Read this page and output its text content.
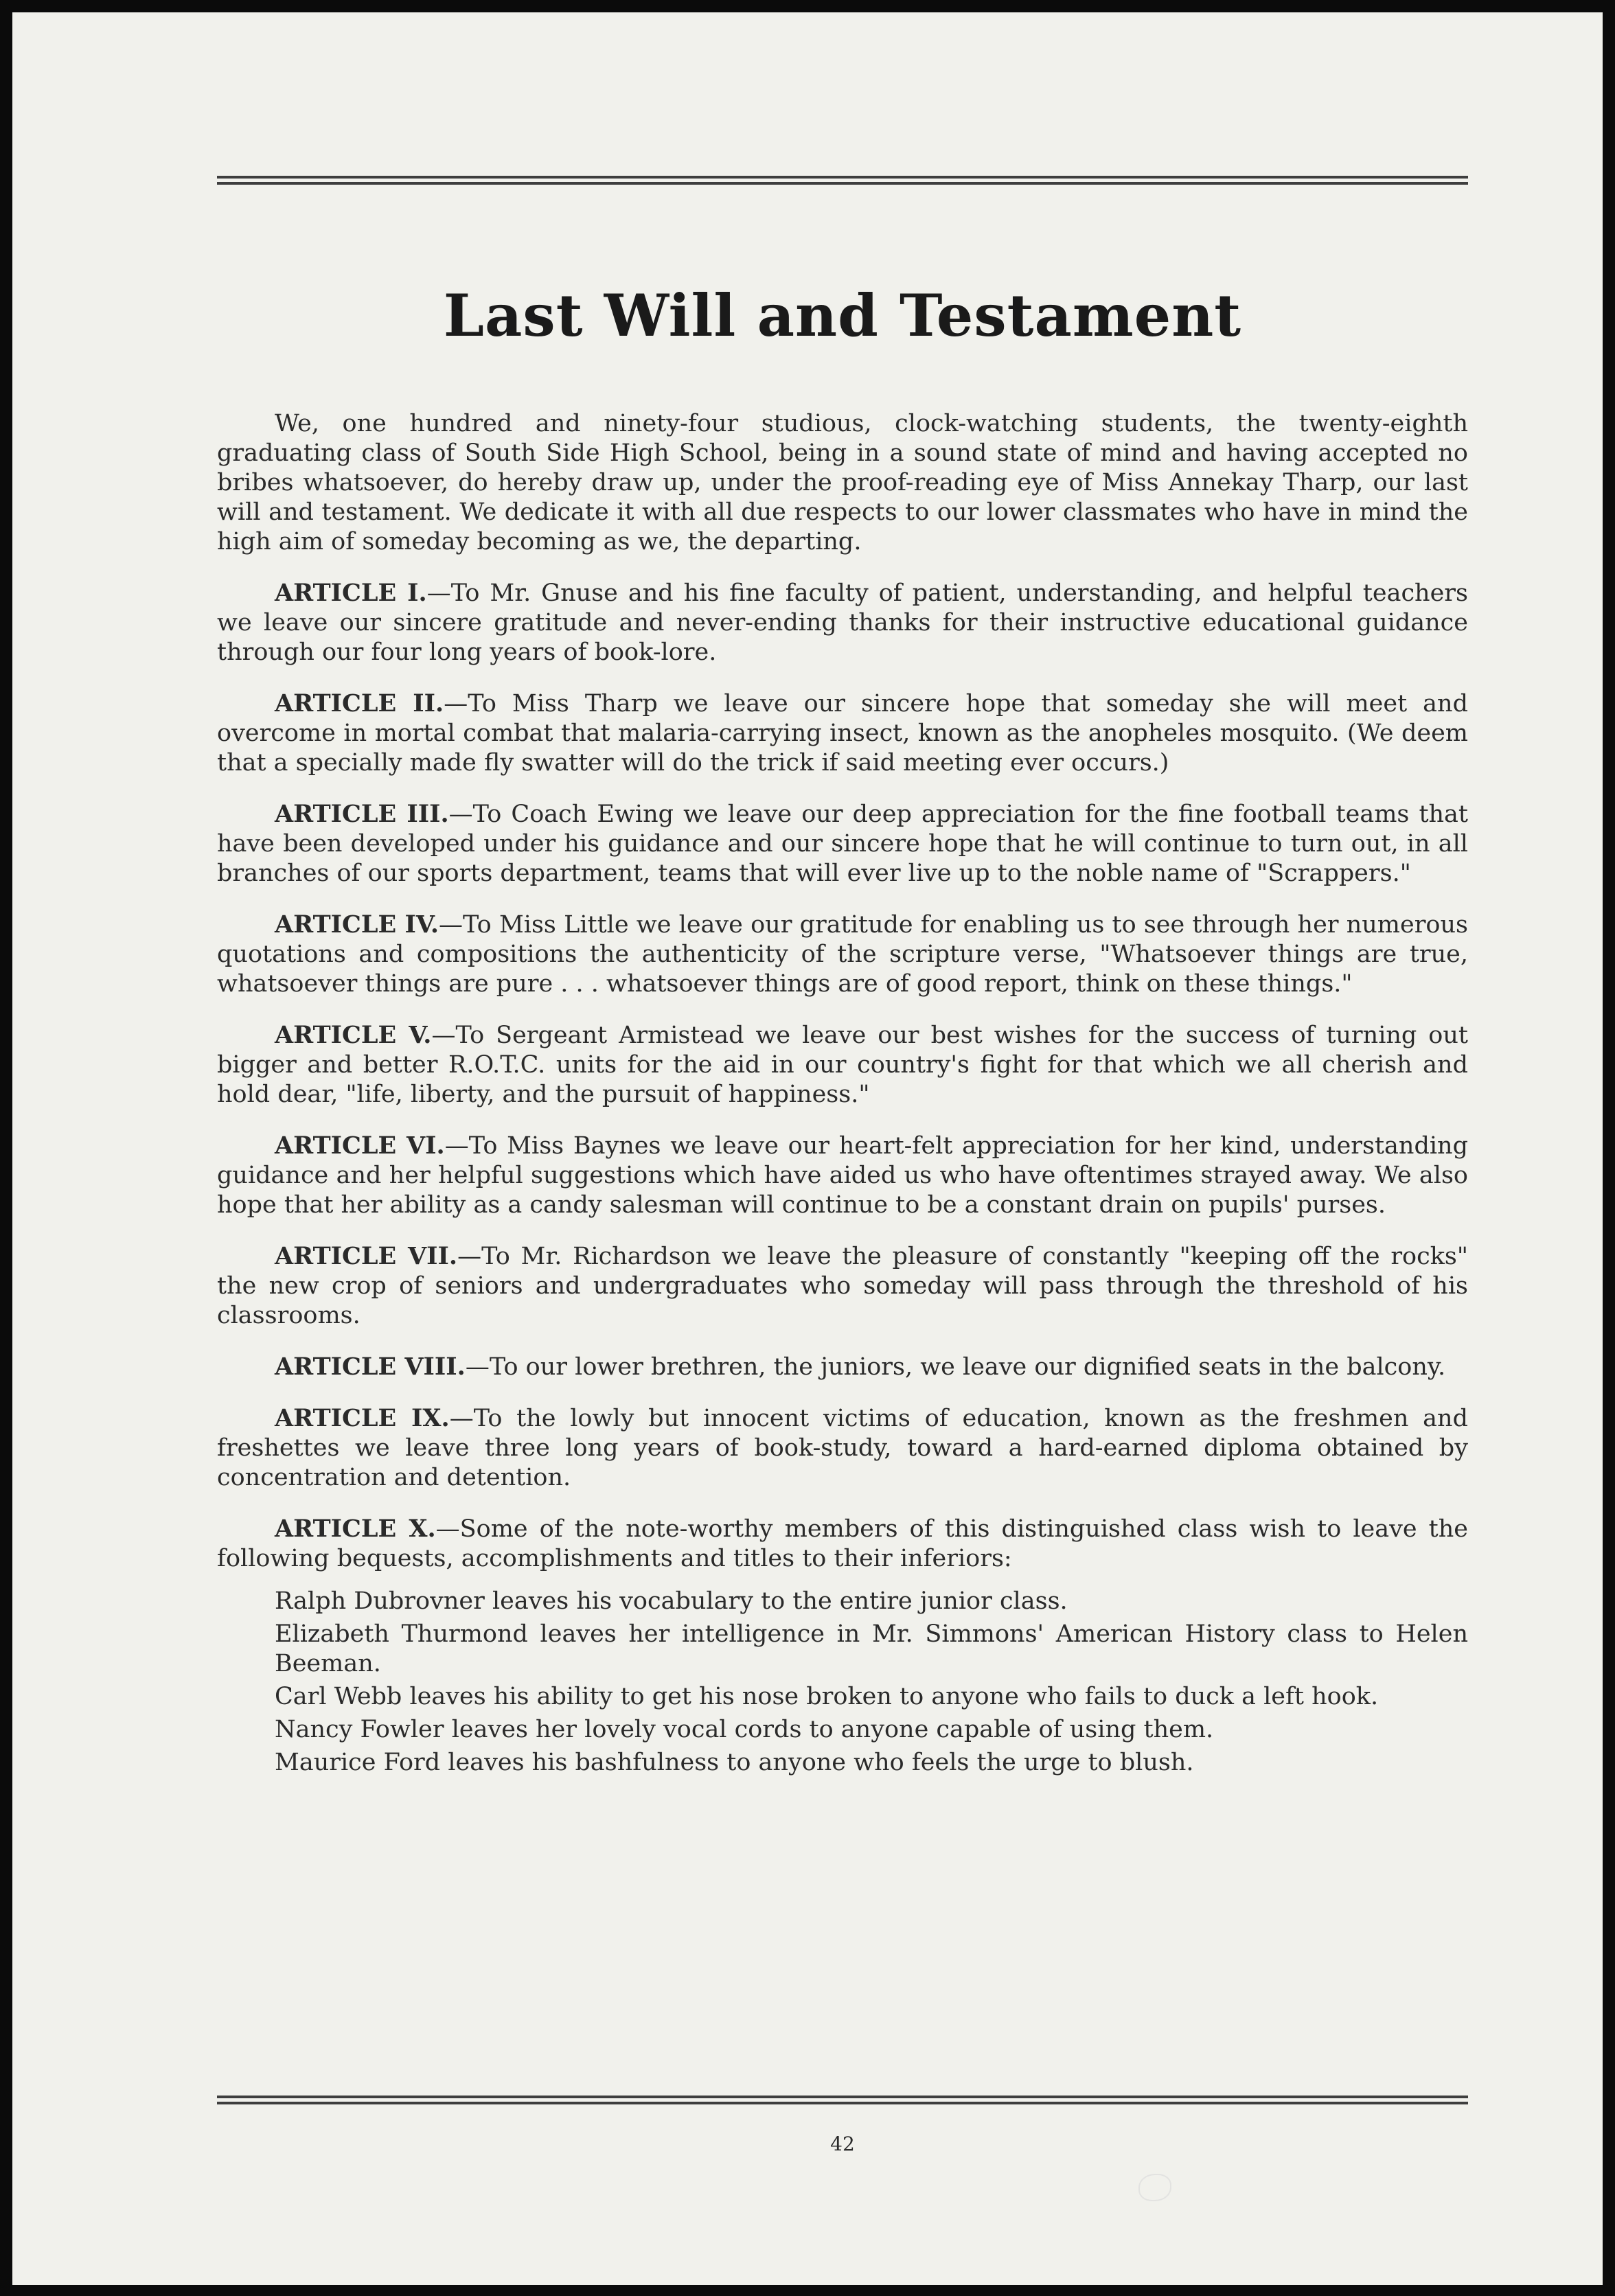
Last Will and Testament

We, one hundred and ninety-four studious, clock-watching students, the twenty-eighth graduating class of South Side High School, being in a sound state of mind and having accepted no bribes whatsoever, do hereby draw up, under the proof-reading eye of Miss Annekay Tharp, our last will and testament. We dedicate it with all due respects to our lower classmates who have in mind the high aim of someday becoming as we, the departing.

ARTICLE I.—To Mr. Gnuse and his fine faculty of patient, understanding, and helpful teachers we leave our sincere gratitude and never-ending thanks for their instructive educational guidance through our four long years of book-lore.

ARTICLE II.—To Miss Tharp we leave our sincere hope that someday she will meet and overcome in mortal combat that malaria-carrying insect, known as the anopheles mosquito. (We deem that a specially made fly swatter will do the trick if said meeting ever occurs.)

ARTICLE III.—To Coach Ewing we leave our deep appreciation for the fine football teams that have been developed under his guidance and our sincere hope that he will continue to turn out, in all branches of our sports department, teams that will ever live up to the noble name of "Scrappers."

ARTICLE IV.—To Miss Little we leave our gratitude for enabling us to see through her numerous quotations and compositions the authenticity of the scripture verse, "Whatsoever things are true, whatsoever things are pure . . . whatsoever things are of good report, think on these things."

ARTICLE V.—To Sergeant Armistead we leave our best wishes for the success of turning out bigger and better R.O.T.C. units for the aid in our country's fight for that which we all cherish and hold dear, "life, liberty, and the pursuit of happiness."

ARTICLE VI.—To Miss Baynes we leave our heart-felt appreciation for her kind, understanding guidance and her helpful suggestions which have aided us who have oftentimes strayed away. We also hope that her ability as a candy salesman will continue to be a constant drain on pupils' purses.

ARTICLE VII.—To Mr. Richardson we leave the pleasure of constantly "keeping off the rocks" the new crop of seniors and undergraduates who someday will pass through the threshold of his classrooms.

ARTICLE VIII.—To our lower brethren, the juniors, we leave our dignified seats in the balcony.

ARTICLE IX.—To the lowly but innocent victims of education, known as the freshmen and freshettes we leave three long years of book-study, toward a hard-earned diploma obtained by concentration and detention.

ARTICLE X.—Some of the note-worthy members of this distinguished class wish to leave the following bequests, accomplishments and titles to their inferiors:

Ralph Dubrovner leaves his vocabulary to the entire junior class.

Elizabeth Thurmond leaves her intelligence in Mr. Simmons' American History class to Helen Beeman.

Carl Webb leaves his ability to get his nose broken to anyone who fails to duck a left hook.

Nancy Fowler leaves her lovely vocal cords to anyone capable of using them.

Maurice Ford leaves his bashfulness to anyone who feels the urge to blush.

42
